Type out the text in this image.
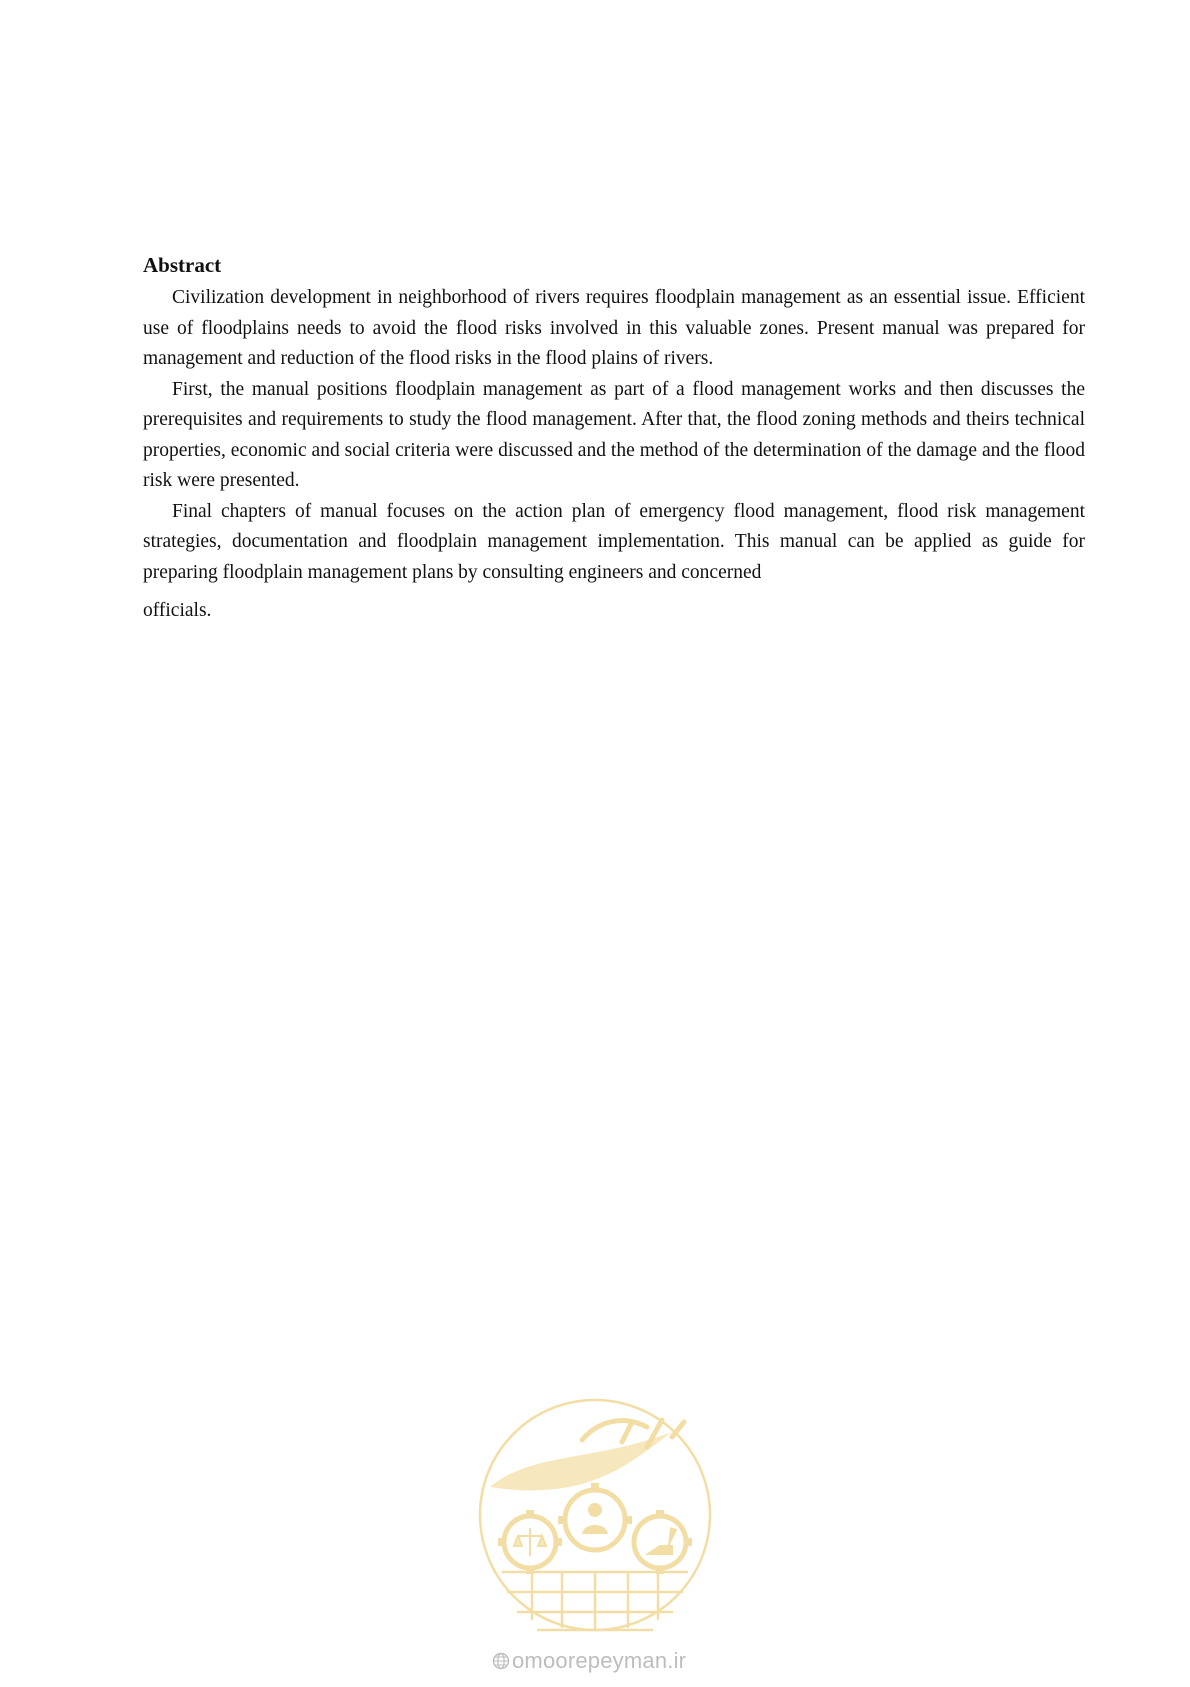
Abstract

Civilization development in neighborhood of rivers requires floodplain management as an essential issue. Efficient use of floodplains needs to avoid the flood risks involved in this valuable zones. Present manual was prepared for management and reduction of the flood risks in the flood plains of rivers.

First, the manual positions floodplain management as part of a flood management works and then discusses the prerequisites and requirements to study the flood management. After that, the flood zoning methods and theirs technical properties, economic and social criteria were discussed and the method of the determination of the damage and the flood risk were presented.

Final chapters of manual focuses on the action plan of emergency flood management, flood risk management strategies, documentation and floodplain management implementation. This manual can be applied as guide for preparing floodplain management plans by consulting engineers and concerned
officials.

omoorepeyman.ir
